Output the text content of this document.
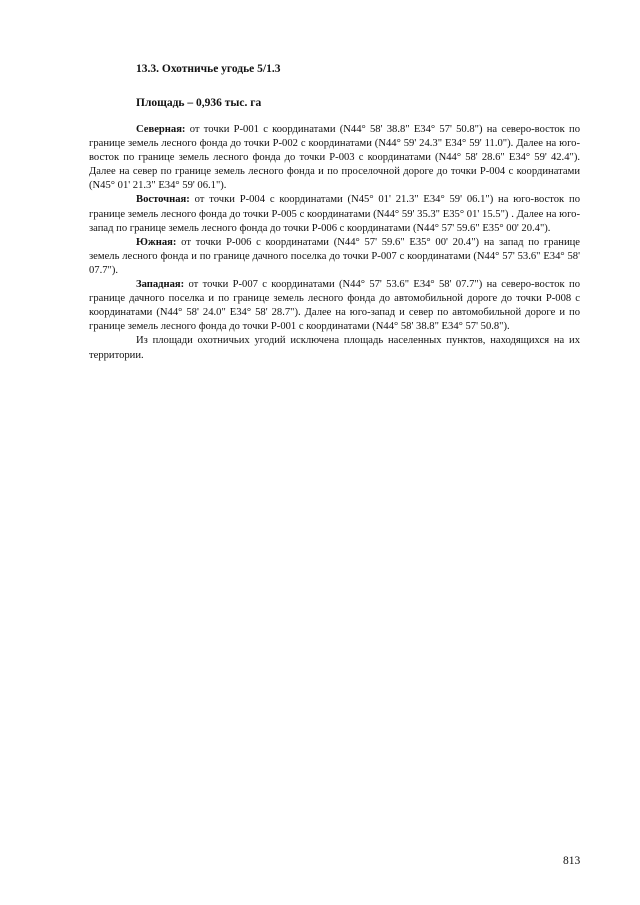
13.3. Охотничье угодье 5/1.3
Площадь – 0,936 тыс. га

Северная: от точки Р-001 с координатами (N44° 58' 38.8" E34° 57' 50.8") на северо-восток по границе земель лесного фонда до точки Р-002 с координатами (N44° 59' 24.3" E34° 59' 11.0"). Далее на юго-восток по границе земель лесного фонда до точки Р-003 с координатами (N44° 58' 28.6" E34° 59' 42.4"). Далее на север по границе земель лесного фонда и по проселочной дороге до точки Р-004 с координатами (N45° 01' 21.3" E34° 59' 06.1").

Восточная: от точки Р-004 с координатами (N45° 01' 21.3" E34° 59' 06.1") на юго-восток по границе земель лесного фонда до точки Р-005 с координатами (N44° 59' 35.3" E35° 01' 15.5") . Далее на юго-запад по границе земель лесного фонда до точки Р-006 с координатами (N44° 57' 59.6" E35° 00' 20.4").

Южная: от точки Р-006 с координатами (N44° 57' 59.6" E35° 00' 20.4") на запад по границе земель лесного фонда и по границе дачного поселка до точки Р-007 с координатами (N44° 57' 53.6" E34° 58' 07.7").

Западная: от точки Р-007 с координатами (N44° 57' 53.6" E34° 58' 07.7") на северо-восток по границе дачного поселка и по границе земель лесного фонда до автомобильной дороге до точки Р-008 с координатами (N44° 58' 24.0" E34° 58' 28.7"). Далее на юго-запад и север по автомобильной дороге и по границе земель лесного фонда до точки Р-001 с координатами (N44° 58' 38.8" E34° 57' 50.8").

Из площади охотничьих угодий исключена площадь населенных пунктов, находящихся на их территории.

813
